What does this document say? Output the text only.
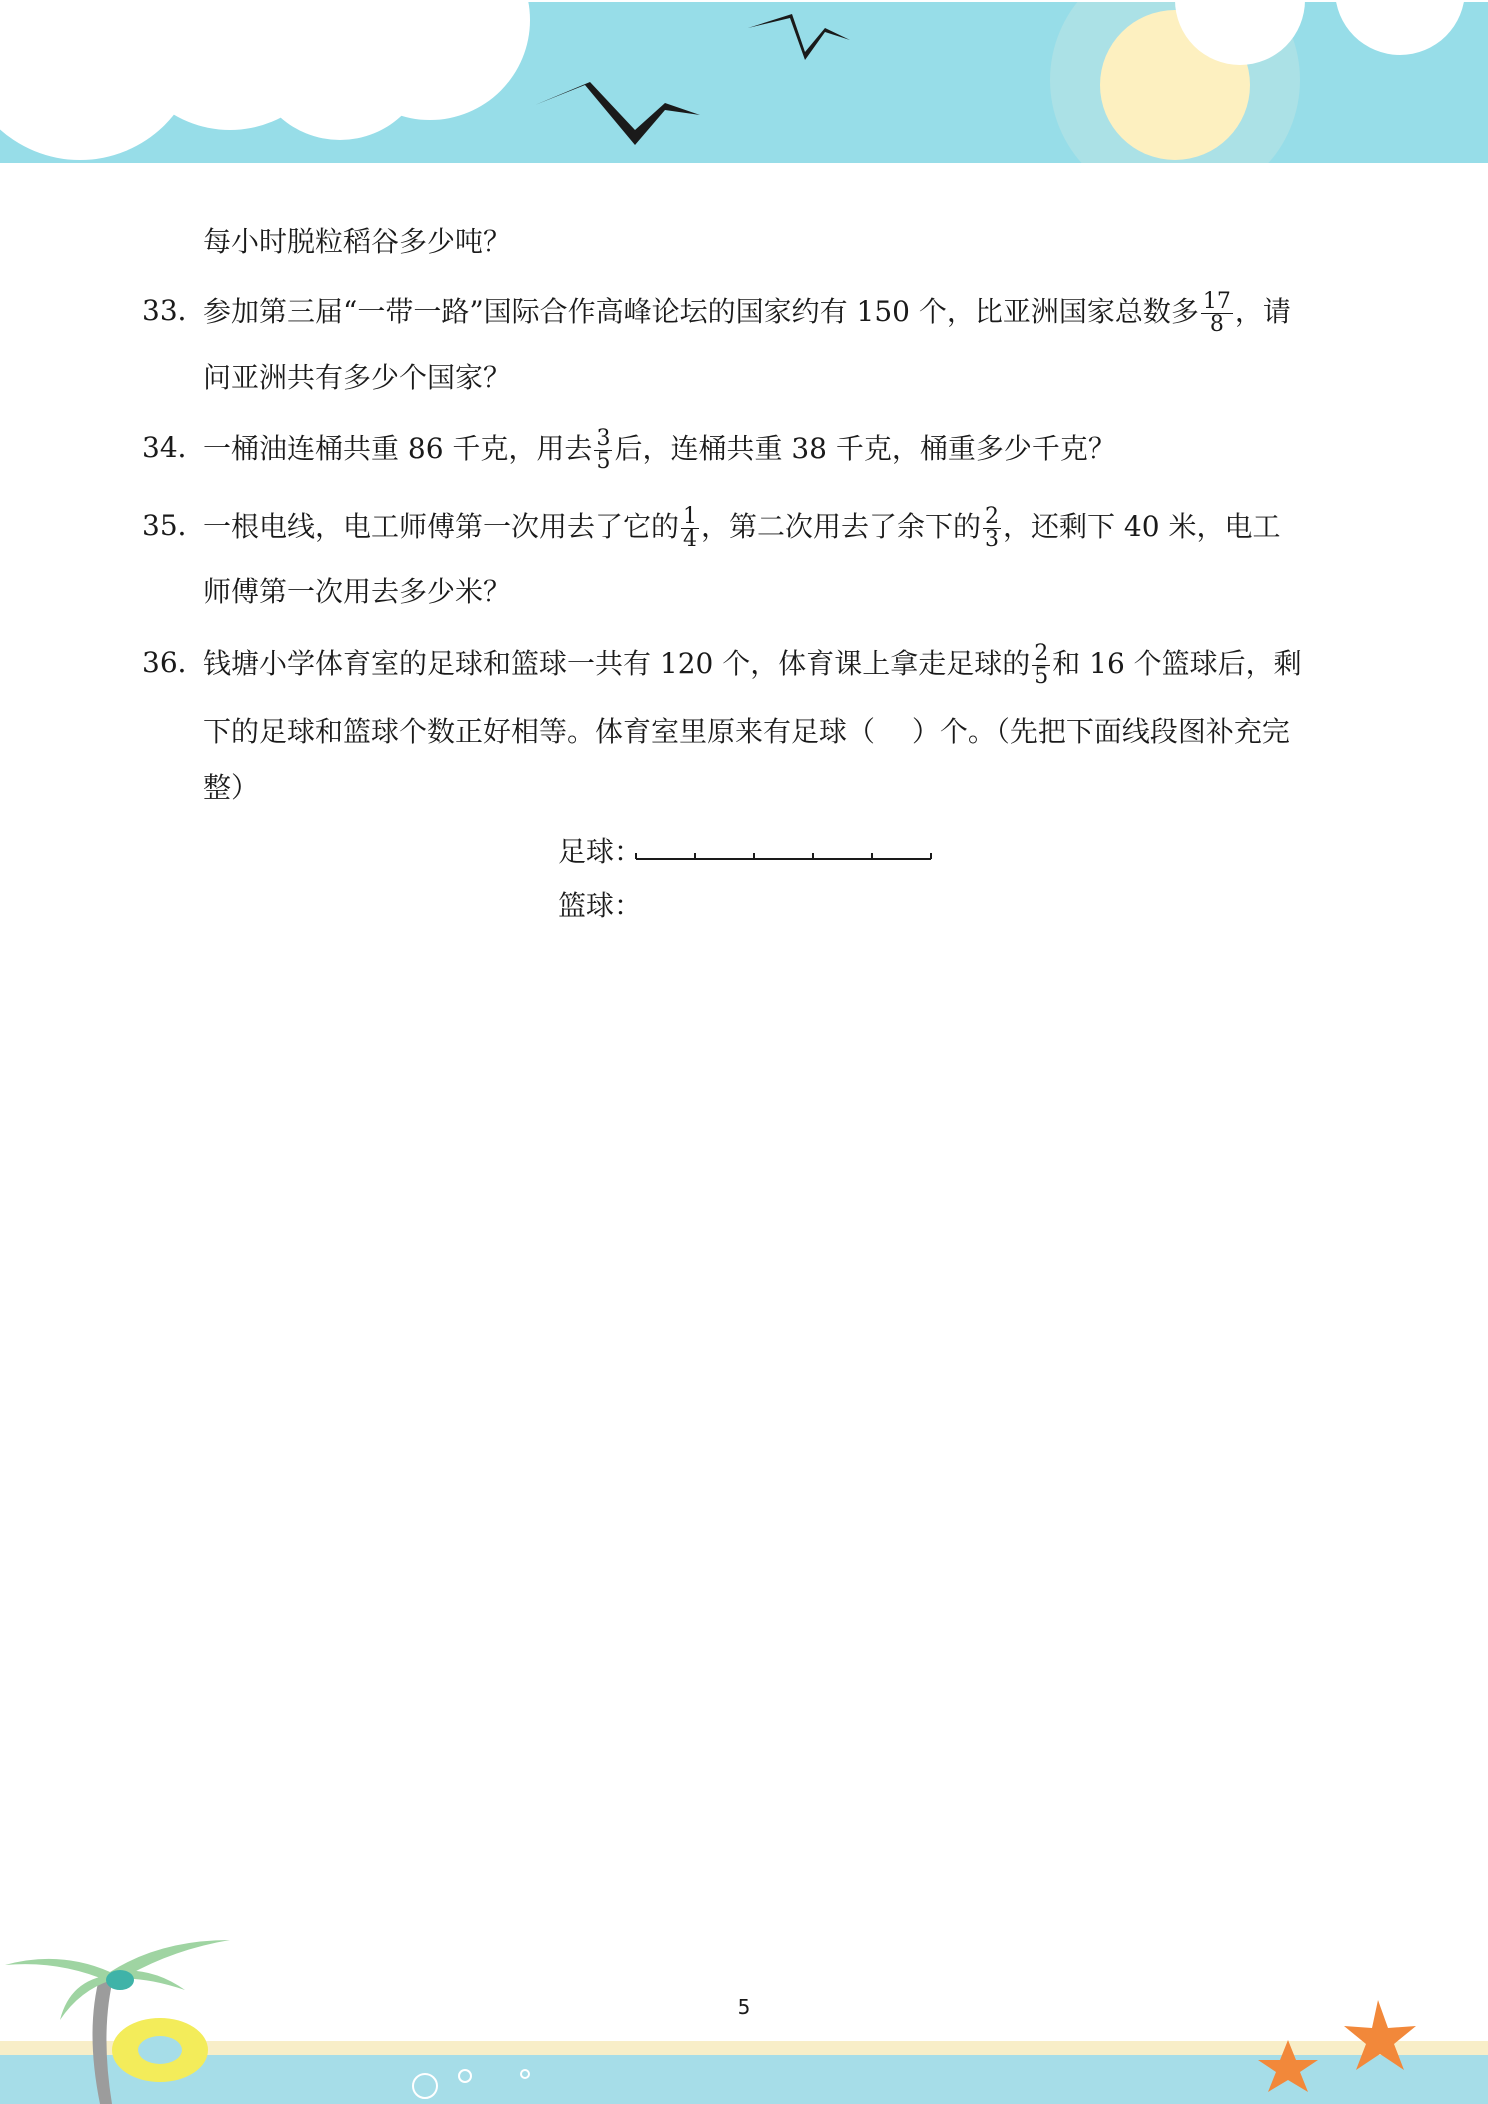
每小时脱粒稻谷多少吨？
33．
参加第三届“一带一路”国际合作高峰论坛的国家约有 150 个，比亚洲国家总数多 $\frac{17}{8}$ ，请
问亚洲共有多少个国家？
34．
一桶油连桶共重 86 千克，用去 $\frac{3}{5}$ 后，连桶共重 38 千克，桶重多少千克？
35．
一根电线，电工师傅第一次用去了它的 $\frac{1}{4}$ ，第二次用去了余下的 $\frac{2}{3}$ ，还剩下 40 米，电工
师傅第一次用去多少米？
36．
钱塘小学体育室的足球和篮球一共有 120 个，体育课上拿走足球的 $\frac{2}{5}$ 和 16 个篮球后，剩
下的足球和篮球个数正好相等。体育室里原来有足球（　 ）个。（先把下面线段图补充完
整）
足球：
篮球：
5
